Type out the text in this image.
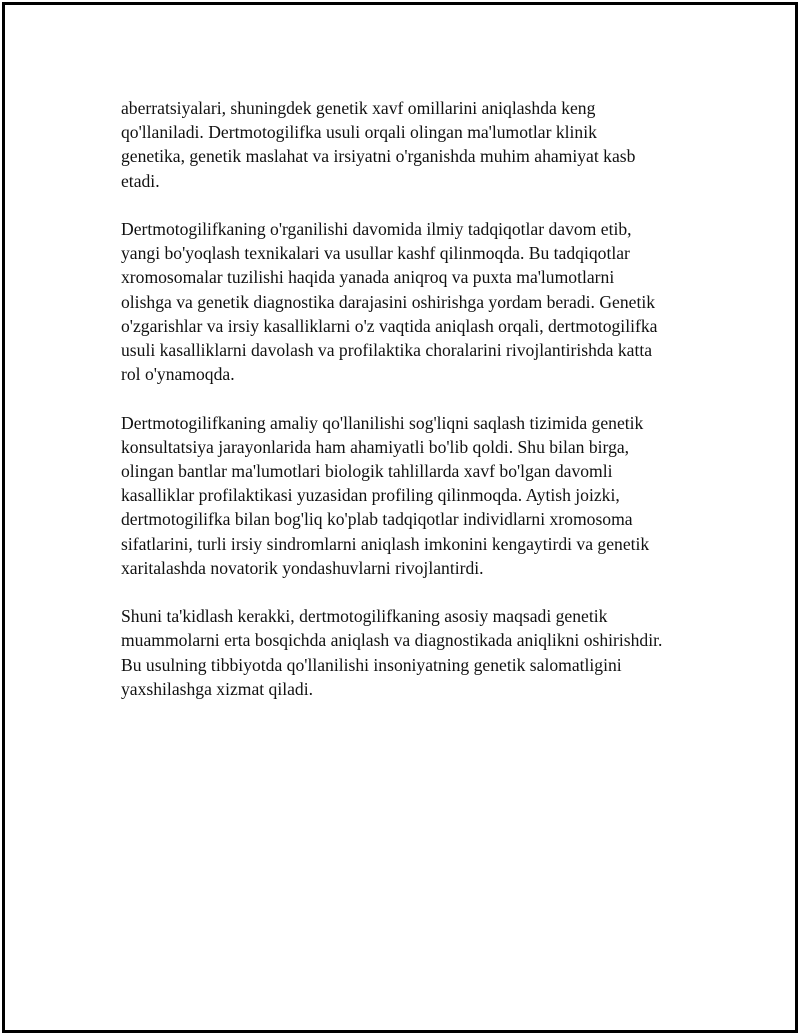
aberratsiyalari, shuningdek genetik xavf omillarini aniqlashda keng
qo'llaniladi. Dertmotogilifka usuli orqali olingan ma'lumotlar klinik
genetika, genetik maslahat va irsiyatni o'rganishda muhim ahamiyat kasb
etadi.

Dertmotogilifkaning o'rganilishi davomida ilmiy tadqiqotlar davom etib,
yangi bo'yoqlash texnikalari va usullar kashf qilinmoqda. Bu tadqiqotlar
xromosomalar tuzilishi haqida yanada aniqroq va puxta ma'lumotlarni
olishga va genetik diagnostika darajasini oshirishga yordam beradi. Genetik
o'zgarishlar va irsiy kasalliklarni o'z vaqtida aniqlash orqali, dertmotogilifka
usuli kasalliklarni davolash va profilaktika choralarini rivojlantirishda katta
rol o'ynamoqda.

Dertmotogilifkaning amaliy qo'llanilishi sog'liqni saqlash tizimida genetik
konsultatsiya jarayonlarida ham ahamiyatli bo'lib qoldi. Shu bilan birga,
olingan bantlar ma'lumotlari biologik tahlillarda xavf bo'lgan davomli
kasalliklar profilaktikasi yuzasidan profiling qilinmoqda. Aytish joizki,
dertmotogilifka bilan bog'liq ko'plab tadqiqotlar individlarni xromosoma
sifatlarini, turli irsiy sindromlarni aniqlash imkonini kengaytirdi va genetik
xaritalashda novatorik yondashuvlarni rivojlantirdi.

Shuni ta'kidlash kerakki, dertmotogilifkaning asosiy maqsadi genetik
muammolarni erta bosqichda aniqlash va diagnostikada aniqlikni oshirishdir.
Bu usulning tibbiyotda qo'llanilishi insoniyatning genetik salomatligini
yaxshilashga xizmat qiladi.
